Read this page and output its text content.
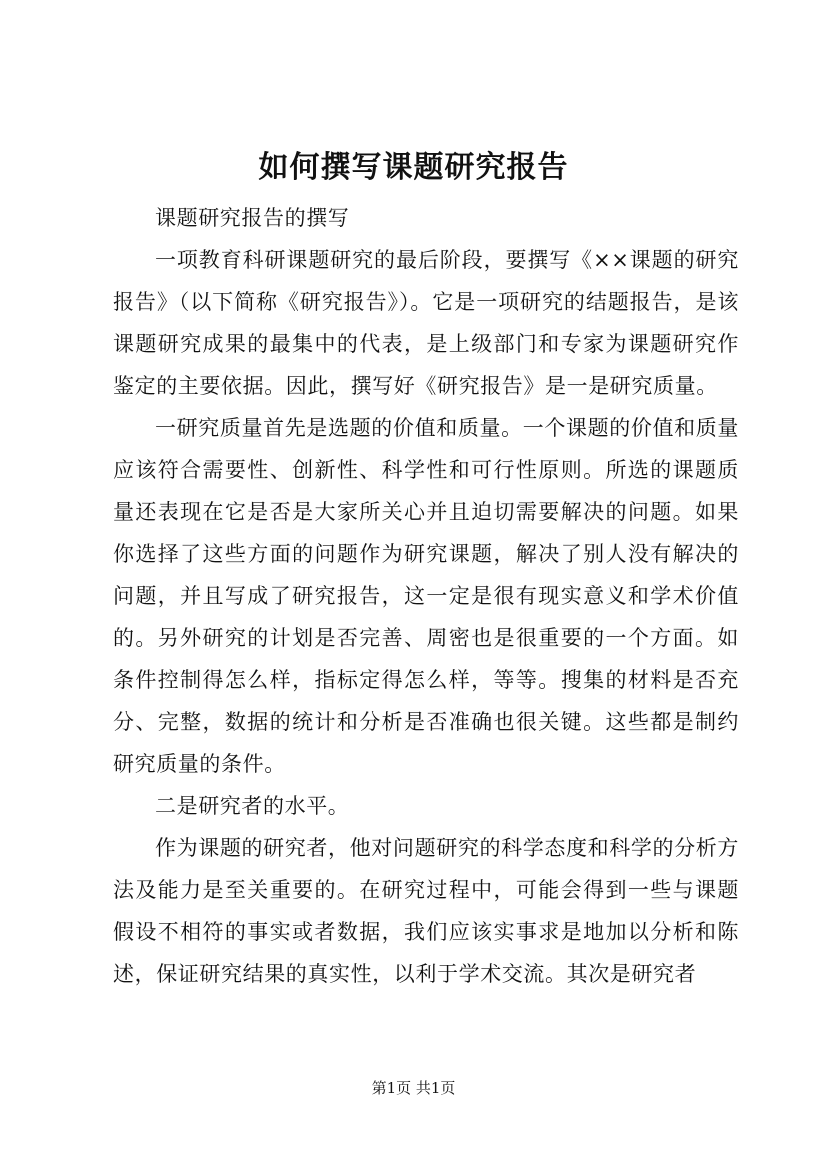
如何撰写课题研究报告

课题研究报告的撰写

一项教育科研课题研究的最后阶段，要撰写《××课题的研究报告》（以下简称《研究报告》）。它是一项研究的结题报告，是该课题研究成果的最集中的代表，是上级部门和专家为课题研究作鉴定的主要依据。因此，撰写好《研究报告》是一是研究质量。

一研究质量首先是选题的价值和质量。一个课题的价值和质量应该符合需要性、创新性、科学性和可行性原则。所选的课题质量还表现在它是否是大家所关心并且迫切需要解决的问题。如果你选择了这些方面的问题作为研究课题，解决了别人没有解决的问题，并且写成了研究报告，这一定是很有现实意义和学术价值的。另外研究的计划是否完善、周密也是很重要的一个方面。如条件控制得怎么样，指标定得怎么样，等等。搜集的材料是否充分、完整，数据的统计和分析是否准确也很关键。这些都是制约研究质量的条件。

二是研究者的水平。

作为课题的研究者，他对问题研究的科学态度和科学的分析方法及能力是至关重要的。在研究过程中，可能会得到一些与课题假设不相符的事实或者数据，我们应该实事求是地加以分析和陈述，保证研究结果的真实性，以利于学术交流。其次是研究者

第1页 共1页
